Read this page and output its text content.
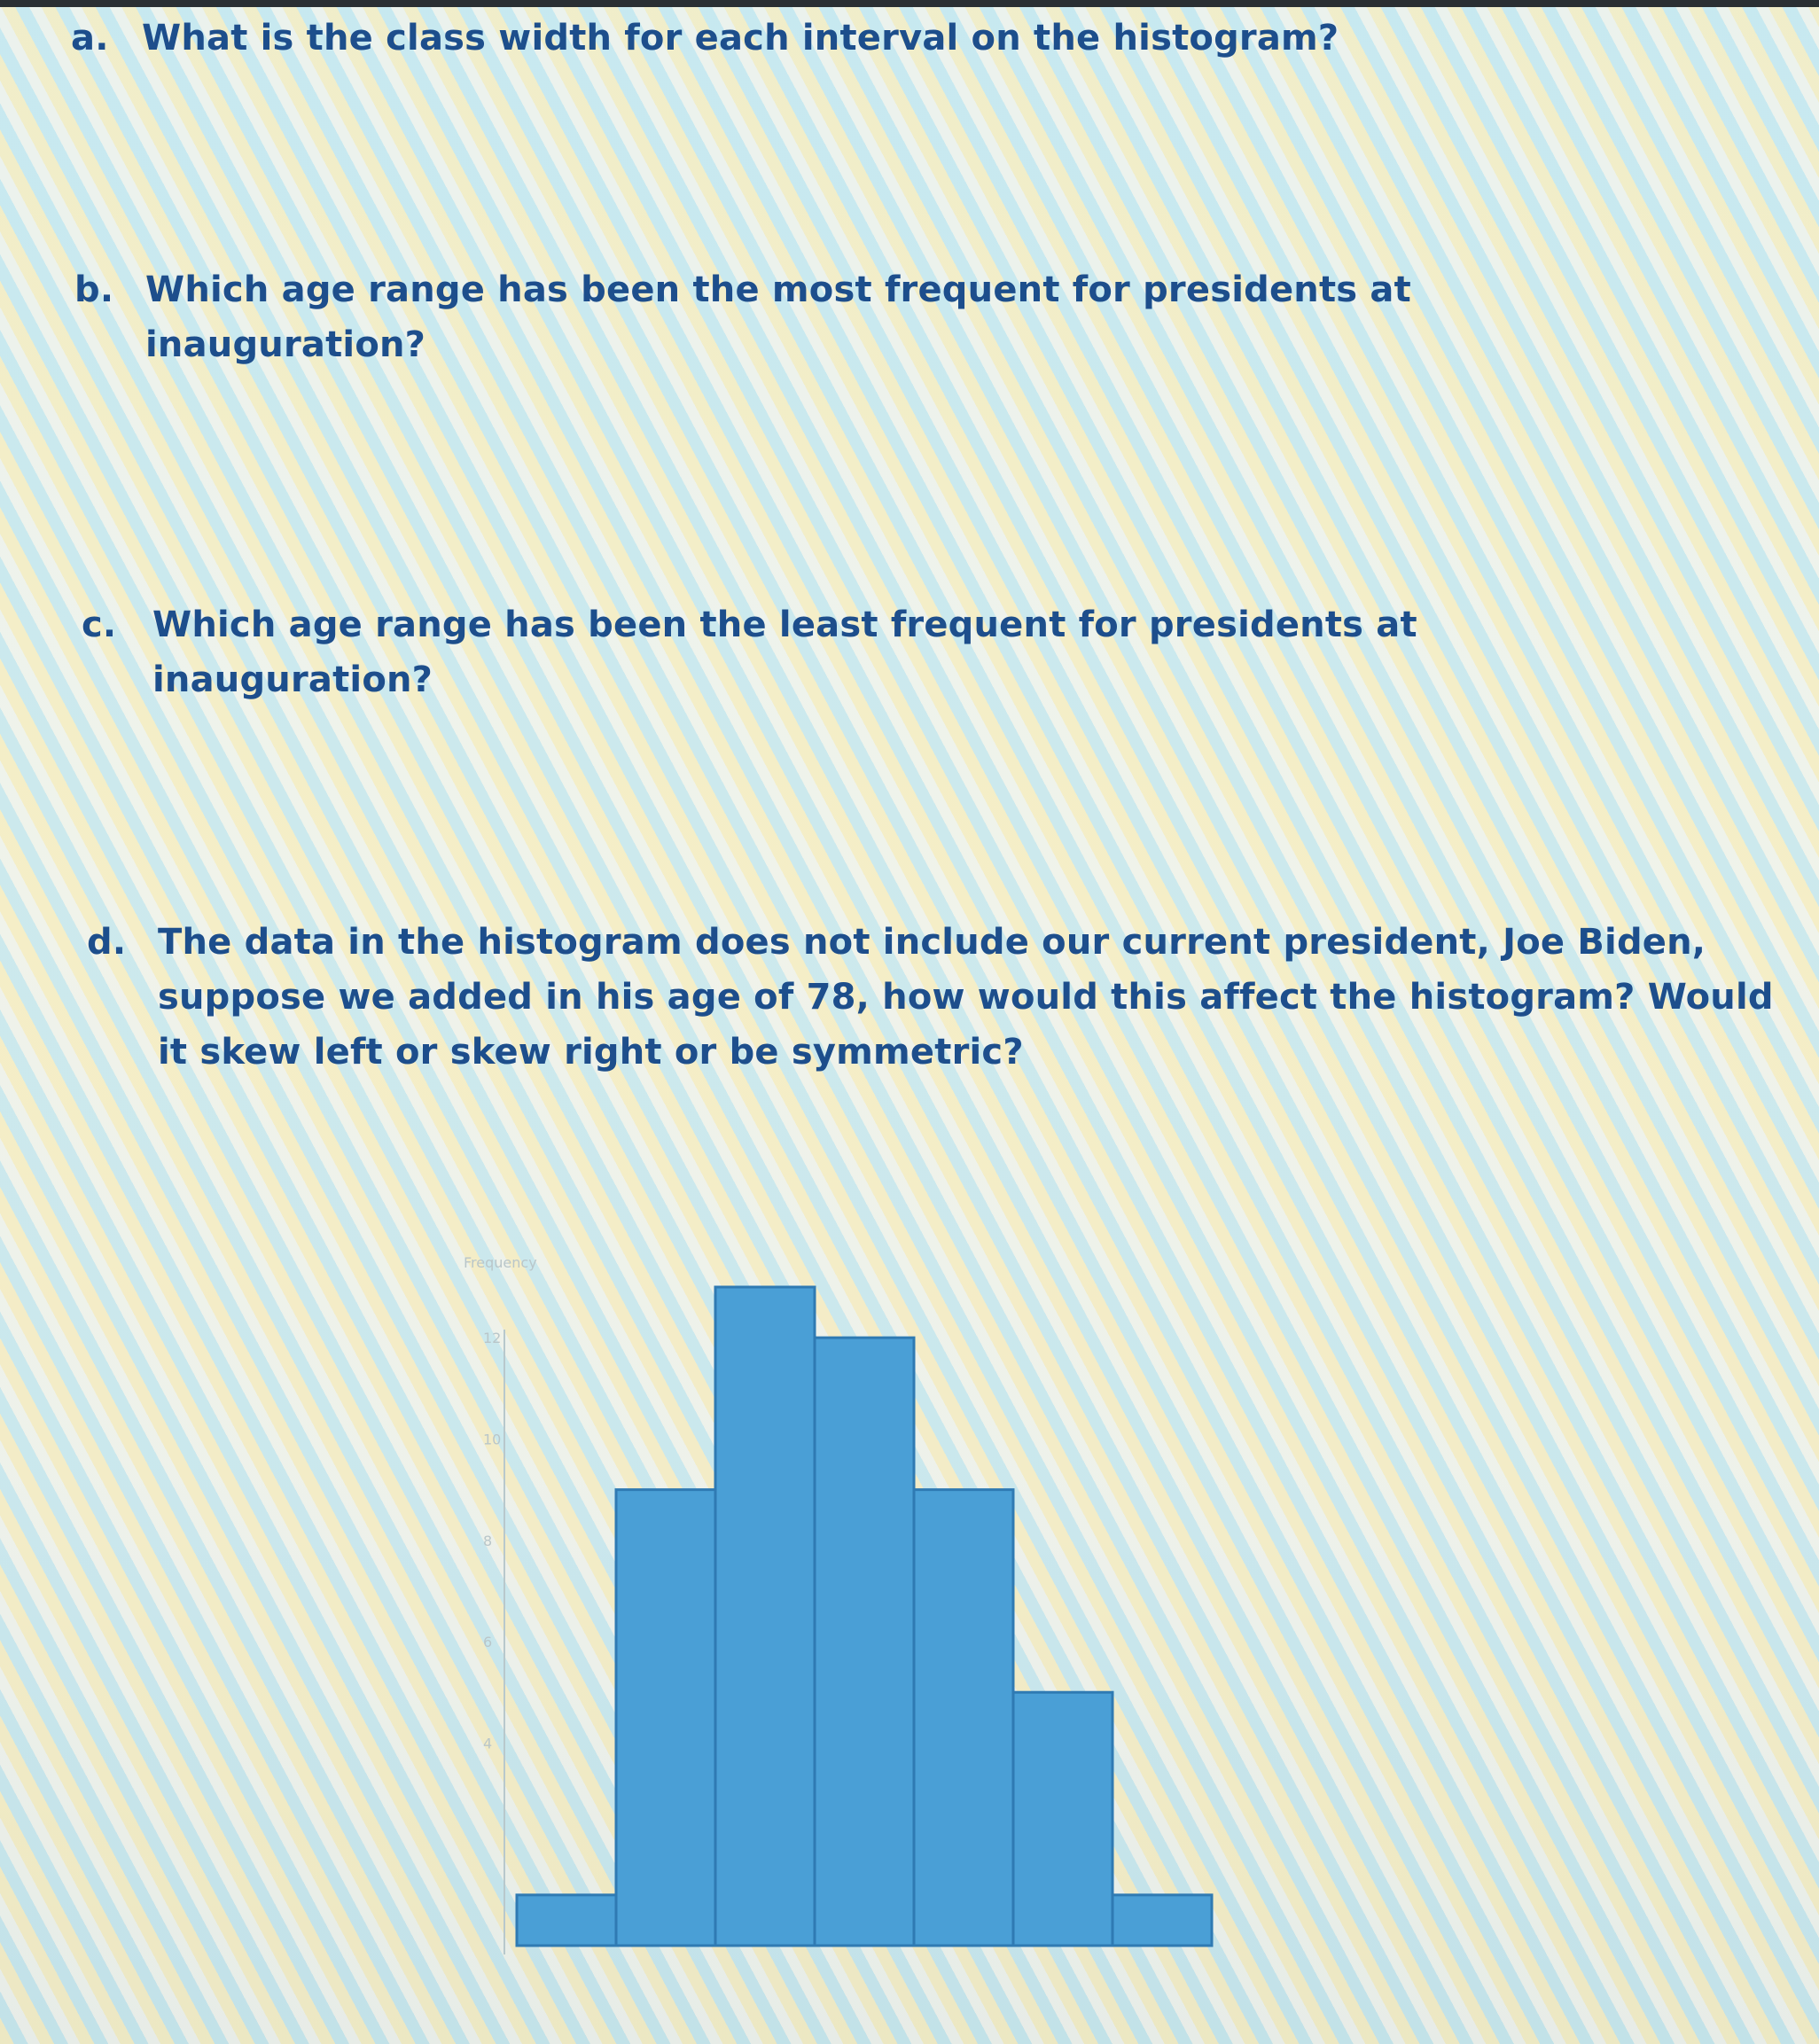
a. What is the class width for each interval on the histogram?
b. Which age range has been the most frequent for presidents at inauguration?
c.	Which age range has been the least frequent for presidents at inauguration?
d. The data in the histogram does not include our current president, Joe Biden, suppose we added in his age of 78, how would this affect the histogram? Would it skew left or skew right or be symmetric?
Frequency
12
10
8
6
4
